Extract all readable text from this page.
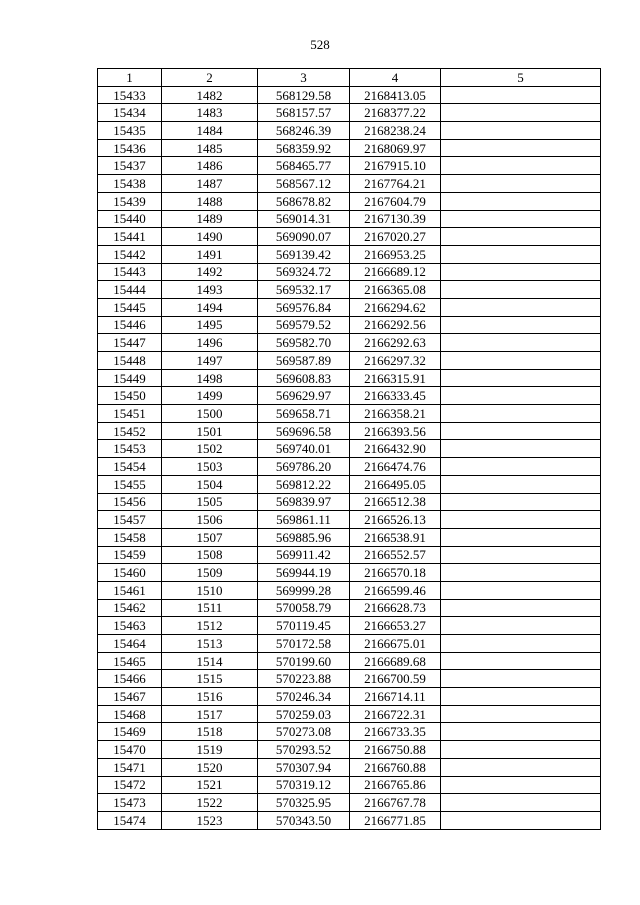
528
1	2	3	4	5
15433	1482	568129.58	2168413.05	
15434	1483	568157.57	2168377.22	
15435	1484	568246.39	2168238.24	
15436	1485	568359.92	2168069.97	
15437	1486	568465.77	2167915.10	
15438	1487	568567.12	2167764.21	
15439	1488	568678.82	2167604.79	
15440	1489	569014.31	2167130.39	
15441	1490	569090.07	2167020.27	
15442	1491	569139.42	2166953.25	
15443	1492	569324.72	2166689.12	
15444	1493	569532.17	2166365.08	
15445	1494	569576.84	2166294.62	
15446	1495	569579.52	2166292.56	
15447	1496	569582.70	2166292.63	
15448	1497	569587.89	2166297.32	
15449	1498	569608.83	2166315.91	
15450	1499	569629.97	2166333.45	
15451	1500	569658.71	2166358.21	
15452	1501	569696.58	2166393.56	
15453	1502	569740.01	2166432.90	
15454	1503	569786.20	2166474.76	
15455	1504	569812.22	2166495.05	
15456	1505	569839.97	2166512.38	
15457	1506	569861.11	2166526.13	
15458	1507	569885.96	2166538.91	
15459	1508	569911.42	2166552.57	
15460	1509	569944.19	2166570.18	
15461	1510	569999.28	2166599.46	
15462	1511	570058.79	2166628.73	
15463	1512	570119.45	2166653.27	
15464	1513	570172.58	2166675.01	
15465	1514	570199.60	2166689.68	
15466	1515	570223.88	2166700.59	
15467	1516	570246.34	2166714.11	
15468	1517	570259.03	2166722.31	
15469	1518	570273.08	2166733.35	
15470	1519	570293.52	2166750.88	
15471	1520	570307.94	2166760.88	
15472	1521	570319.12	2166765.86	
15473	1522	570325.95	2166767.78	
15474	1523	570343.50	2166771.85	
